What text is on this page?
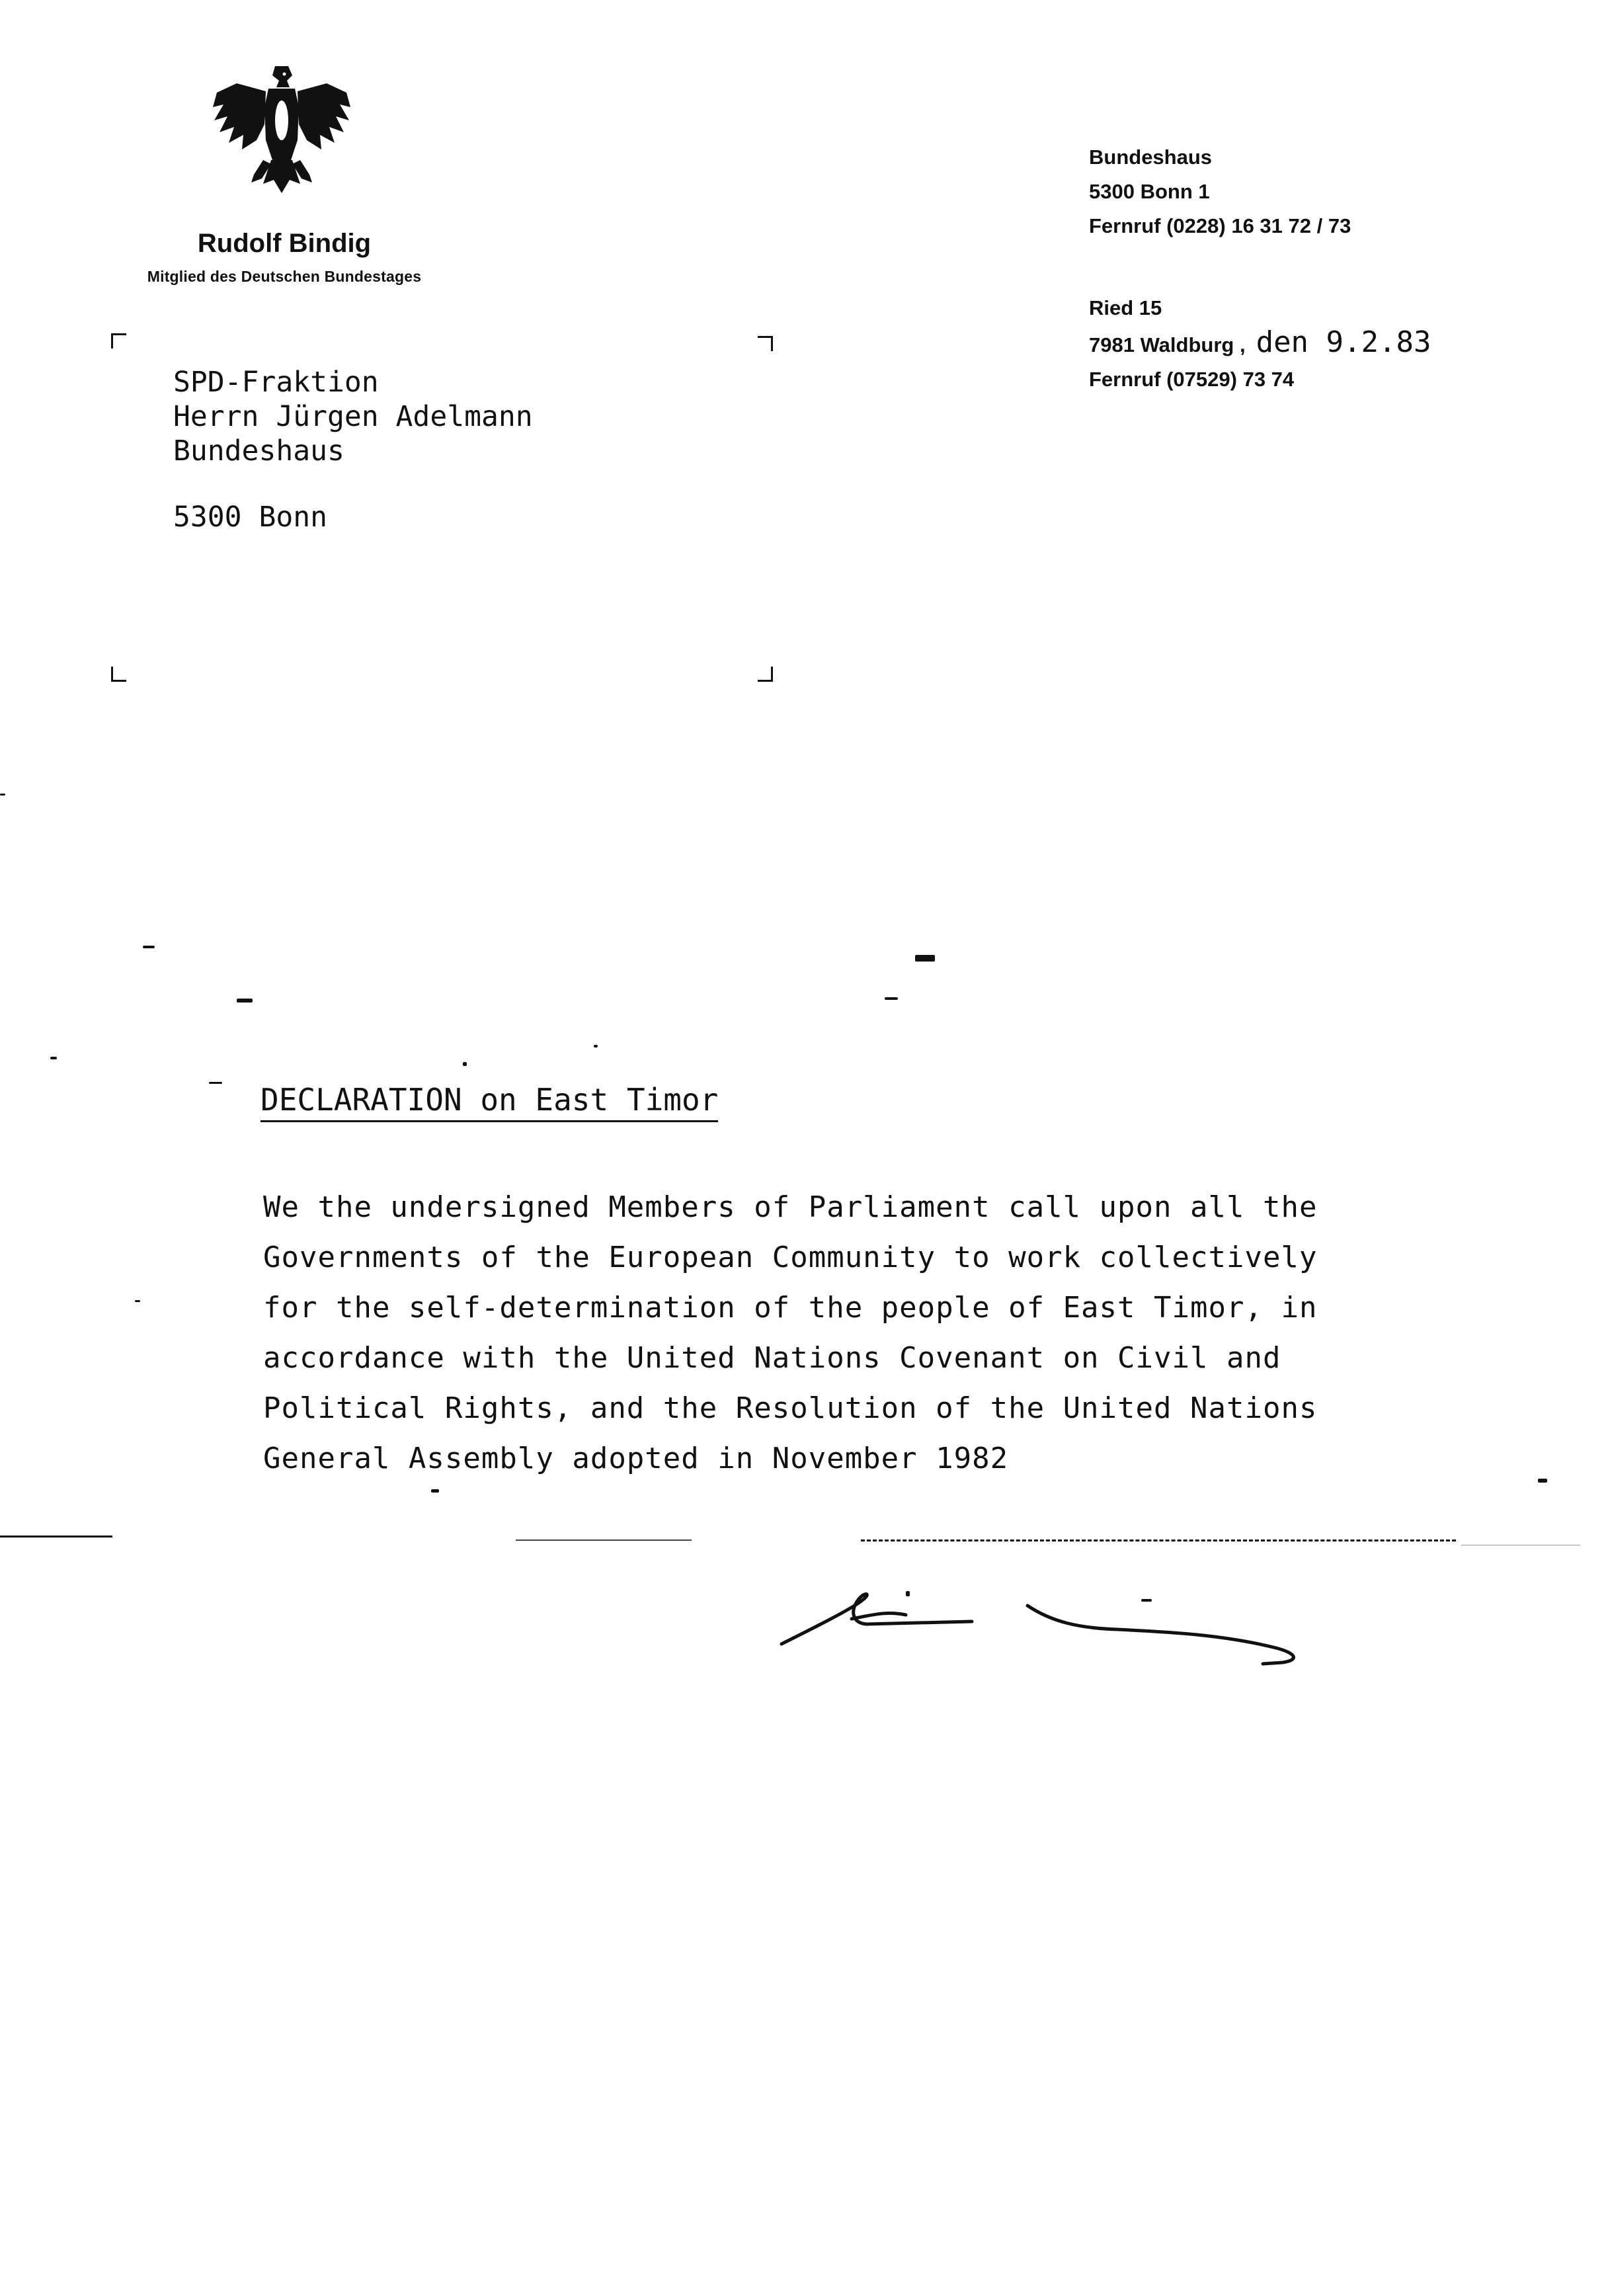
Rudolf Bindig
Mitglied des Deutschen Bundestages
Bundeshaus
5300 Bonn 1
Fernruf (0228) 16 31 72 / 73
Ried 15
7981 Waldburg , den 9.2.83
Fernruf (07529) 73 74
SPD-Fraktion
Herrn Jürgen Adelmann
Bundeshaus
5300 Bonn
DECLARATION on East Timor
We the undersigned Members of Parliament call upon all the
Governments of the European Community to work collectively
for the self-determination of the people of East Timor, in
accordance with the United Nations Covenant on Civil and
Political Rights, and the Resolution of the United Nations
General Assembly adopted in November 1982
